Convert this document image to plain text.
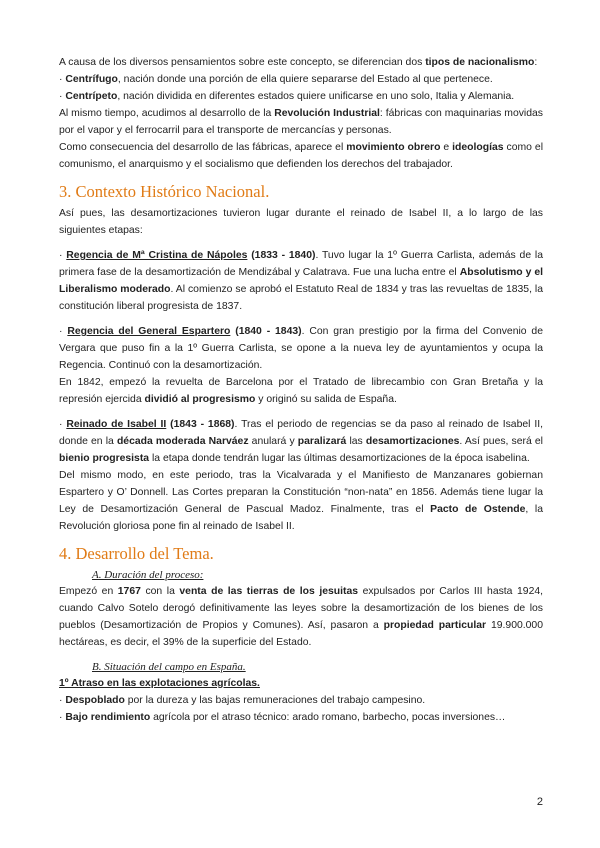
A causa de los diversos pensamientos sobre este concepto, se diferencian dos tipos de nacionalismo:

· Centrífugo, nación donde una porción de ella quiere separarse del Estado al que pertenece.

· Centrípeto, nación dividida en diferentes estados quiere unificarse en uno solo, Italia y Alemania.

Al mismo tiempo, acudimos al desarrollo de la Revolución Industrial: fábricas con maquinarias movidas por el vapor y el ferrocarril para el transporte de mercancías y personas.

Como consecuencia del desarrollo de las fábricas, aparece el movimiento obrero e ideologías como el comunismo, el anarquismo y el socialismo que defienden los derechos del trabajador.

3. Contexto Histórico Nacional.

Así pues, las desamortizaciones tuvieron lugar durante el reinado de Isabel II, a lo largo de las siguientes etapas:

· Regencia de Mª Cristina de Nápoles (1833 - 1840). Tuvo lugar la 1º Guerra Carlista, además de la primera fase de la desamortización de Mendizábal y Calatrava. Fue una lucha entre el Absolutismo y el Liberalismo moderado. Al comienzo se aprobó el Estatuto Real de 1834 y tras las revueltas de 1835, la constitución liberal progresista de 1837.

· Regencia del General Espartero (1840 - 1843). Con gran prestigio por la firma del Convenio de Vergara que puso fin a la 1º Guerra Carlista, se opone a la nueva ley de ayuntamientos y ocupa la Regencia. Continuó con la desamortización.

En 1842, empezó la revuelta de Barcelona por el Tratado de librecambio con Gran Bretaña y la represión ejercida dividió al progresismo y originó su salida de España.

· Reinado de Isabel II (1843 - 1868). Tras el periodo de regencias se da paso al reinado de Isabel II, donde en la década moderada Narváez anulará y paralizará las desamortizaciones. Así pues, será el bienio progresista la etapa donde tendrán lugar las últimas desamortizaciones de la época isabelina.

Del mismo modo, en este periodo, tras la Vicalvarada y el Manifiesto de Manzanares gobiernan Espartero y O’ Donnell. Las Cortes preparan la Constitución “non-nata” en 1856. Además tiene lugar la Ley de Desamortización General de Pascual Madoz. Finalmente, tras el Pacto de Ostende, la Revolución gloriosa pone fin al reinado de Isabel II.

4. Desarrollo del Tema.
A. Duración del proceso:

Empezó en 1767 con la venta de las tierras de los jesuitas expulsados por Carlos III hasta 1924, cuando Calvo Sotelo derogó definitivamente las leyes sobre la desamortización de los bienes de los pueblos (Desamortización de Propios y Comunes). Así, pasaron a propiedad particular 19.900.000 hectáreas, es decir, el 39% de la superficie del Estado.

B. Situación del campo en España.

1º Atraso en las explotaciones agrícolas.

· Despoblado por la dureza y las bajas remuneraciones del trabajo campesino.

· Bajo rendimiento agrícola por el atraso técnico: arado romano, barbecho, pocas inversiones…

2
